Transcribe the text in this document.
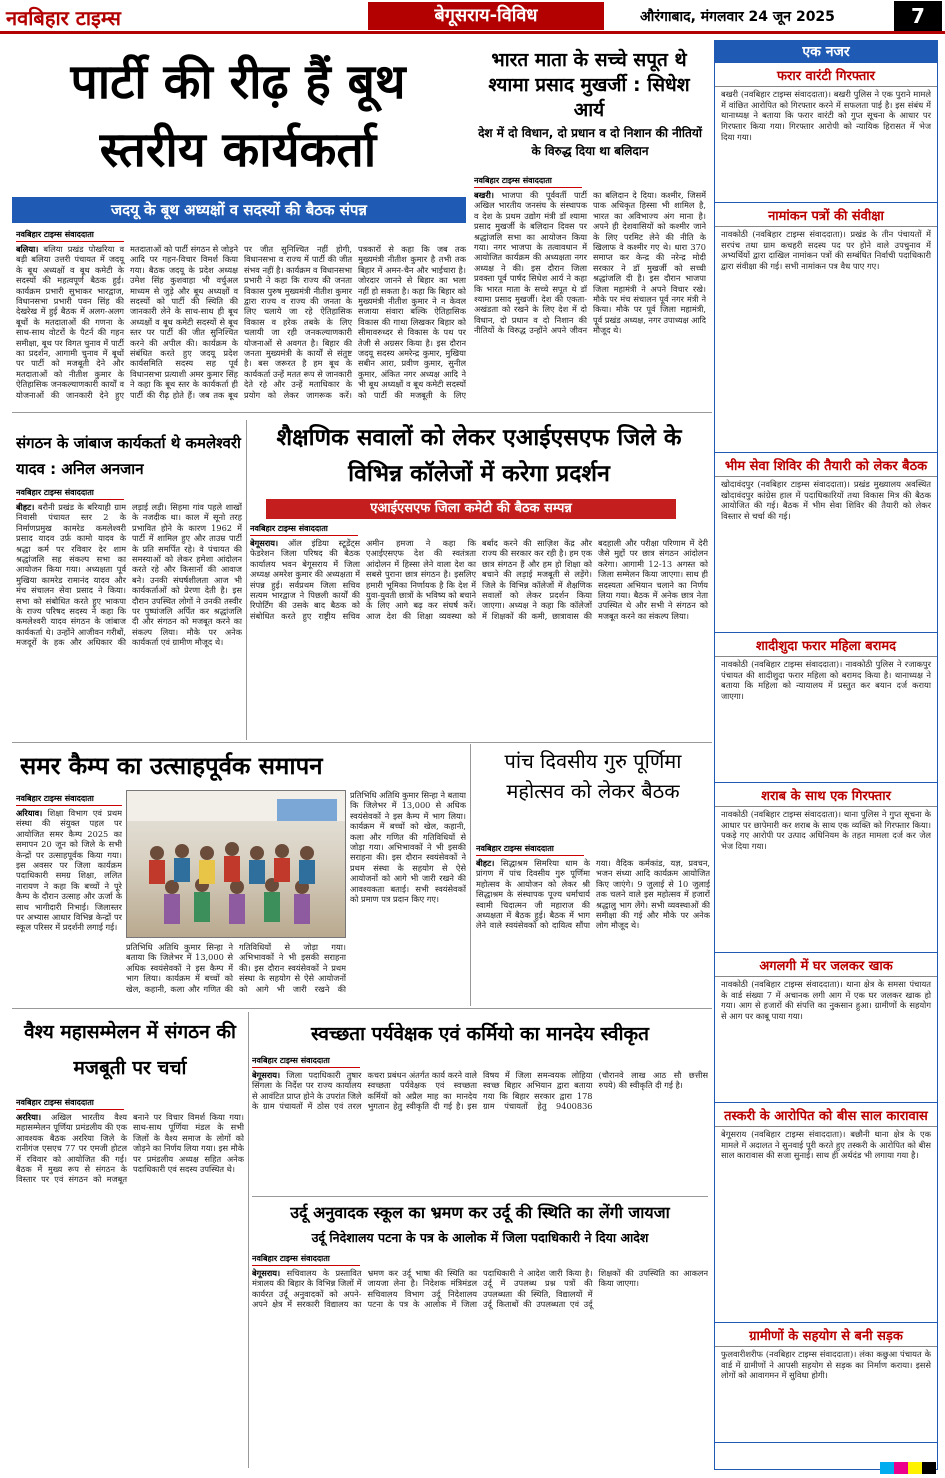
नवबिहार टाइम्स	बेगूसराय-विविध	औरंगाबाद, मंगलवार 24 जून 2025	7
पार्टी की रीढ़ हैं बूथ स्तरीय कार्यकर्ता
भारत माता के सच्चे सपूत थे श्यामा प्रसाद मुखर्जी : सिधेश आर्य
देश में दो विधान, दो प्रधान व दो निशान की नीतियों के विरुद्ध दिया था बलिदान
जदयू के बूथ अध्यक्षों व सदस्यों की बैठक संपन्न
नवबिहार टाइम्स संवाददाता
बलिया। बलिया प्रखंड पोखरिया व बड़ी बलिया उत्तरी पंचायत में जदयू के बूथ अध्यक्षों व बूथ कमेटी के सदस्यों की महत्वपूर्ण बैठक हुई। कार्यक्रम प्रभारी सुभाकर भारद्वाज, विधानसभा प्रभारी पवन सिंह की देखरेख में हुई बैठक में अलग-अलग बूथों के मतदाताओं की गणना के साथ-साथ वोटरों के पैटर्न की गहन समीक्षा, बूथ पर विगत चुनाव में पार्टी का प्रदर्शन, आगामी चुनाव में बूथों पर पार्टी को मजबूती देने और मतदाताओं को नीतीश कुमार के ऐतिहासिक जनकल्याणकारी कार्यों व योजनाओं की जानकारी देने हुए मतदाताओं को पार्टी संगठन से जोड़ने आदि पर गहन-विचार विमर्श किया गया। बैठक जदयू के प्रदेश अध्यक्ष उमेश सिंह कुशवाहा भी वर्चुअल माध्यम से जुड़े और बूथ अध्यक्षों व सदस्यों को पार्टी की स्थिति की जानकारी लेने के साथ-साथ ही बूथ अध्यक्षों व बूथ कमेटी सदस्यों से बूथ स्तर पर पार्टी की जीत सुनिश्चित करने की अपील की। कार्यक्रम के संबंधित करते हुए जदयू प्रदेश कार्यसमिति सदस्य सह पूर्व विधानसभा प्रत्याशी अमर कुमार सिंह ने कहा कि बूथ स्तर के कार्यकर्ता ही पार्टी की रीढ़ होते हैं। जब तक बूथ पर जीत सुनिश्चित नहीं होगी, विधानसभा व राज्य में पार्टी की जीत संभव नहीं है। कार्यक्रम व विधानसभा प्रभारी ने कहा कि राज्य की जनता विकास पुरुष मुख्यमंत्री नीतीश कुमार द्वारा राज्य व राज्य की जनता के लिए चलाये जा रहे ऐतिहासिक विकास व हरेक तबके के लिए चलायी जा रही जनकल्याणकारी योजनाओं से अवगत है। बिहार की जनता मुख्यमंत्री के कार्यों से संतुष्ट है। बस जरूरत है हम बूथ के कार्यकर्ता उन्हें मतत रूप से जानकारी देते रहे और उन्हें मताधिकार के प्रयोग को लेकर जागरूक करें। पत्रकारों से कहा कि जब तक मुख्यमंत्री नीतीश कुमार है तभी तक बिहार में अमन-चैन और भाईचारा है। जोरदार जानने से बिहार का भला नहीं हो सकता है। कहा कि बिहार को मुख्यमंत्री नीतीश कुमार ने न केवल सजाया संवारा बल्कि ऐतिहासिक विकास की गाथा लिखकर बिहार को सीमावरुध्दर से विकास के पथ पर तेजी से अग्रसर किया है। इस दौरान जदयू सदस्य अमरेन्द्र कुमार, मुखिया सबीन आरा, प्रवीण कुमार, सुनील कुमार, अंकित नगर अध्यक्ष आदि ने भी बूथ अध्यक्षों व बूथ कमेटी सदस्यों को पार्टी की मजबूती के लिए
नवबिहार टाइम्स संवाददाता
बखरी। भाजपा की पूर्ववर्ती पार्टी अखिल भारतीय जनसंघ के संस्थापक व देश के प्रथम उद्योग मंत्री डॉ श्यामा प्रसाद मुखर्जी के बलिदान दिवस पर श्रद्धांजलि सभा का आयोजन किया गया। नगर भाजपा के तत्वावधान में आयोजित कार्यक्रम की अध्यक्षता नगर अध्यक्ष ने की। इस दौरान जिला प्रवक्ता पूर्व पार्षद सिधेश आर्य ने कहा कि भारत माता के सच्चे सपूत थे डॉ श्यामा प्रसाद मुखर्जी। देश की एकता-अखंडता को रखने के लिए देश में दो विधान, दो प्रधान व दो निशान की नीतियों के विरुद्ध उन्होंने अपने जीवन का बलिदान दे दिया। कश्मीर, जिसमें पाक अधिकृत हिस्सा भी शामिल है, भारत का अविभाज्य अंग माना है। अपने ही देशवासियों को कश्मीर जाने के लिए परमिट लेने की नीति के खिलाफ वे कश्मीर गए थे। धारा 370 समाप्त कर केन्द्र की नरेन्द्र मोदी सरकार ने डॉ मुखर्जी को सच्ची श्रद्धांजलि दी है। इस दौरान भाजपा जिला महामंत्री ने अपने विचार रखे। मौके पर मंच संचालन पूर्व नगर मंत्री ने किया। मौके पर पूर्व जिला महामंत्री, पूर्व प्रखंड अध्यक्ष, नगर उपाध्यक्ष आदि मौजूद थे।
संगठन के जांबाज कार्यकर्ता थे कमलेश्वरी यादव : अनिल अनजान
नवबिहार टाइम्स संवाददाता
बीहट। बरौनी प्रखंड के बरियाही ग्राम निवासी पंचायत स्तर 2 के निर्माणप्रमुख कामरेड कमलेश्वरी प्रसाद यादव उर्फ़ कामो यादव के श्रद्धा कर्म पर रविवार देर शाम श्रद्धांजलि सह संकल्प सभा का आयोजन किया गया। अध्यक्षता पूर्व मुखिया कामरेड रामानंद यादव और मंच संचालन सेवा प्रसाद ने किया। सभा को संबोधित करते हुए भाकपा के राज्य परिषद सदस्य ने कहा कि कमलेश्वरी यादव संगठन के जांबाज कार्यकर्ता थे। उन्होंने आजीवन गरीबों, मजदूरों के हक और अधिकार की लड़ाई लड़ी। सिहमा गांव पहले शाखों के नजदीक था। काल में सूनो तरह प्रभावित होने के कारण 1962 में पार्टी में शामिल हुए और ताउम्र पार्टी के प्रति समर्पित रहे। वे पंचायत की समस्याओं को लेकर हमेशा आंदोलन करते रहे और किसानों की आवाज बने। उनकी संघर्षशीलता आज भी कार्यकर्ताओं को प्रेरणा देती है। इस दौरान उपस्थित लोगों ने उनकी तस्वीर पर पुष्पांजलि अर्पित कर श्रद्धांजलि दी और संगठन को मजबूत करने का संकल्प लिया। मौके पर अनेक कार्यकर्ता एवं ग्रामीण मौजूद थे।
शैक्षणिक सवालों को लेकर एआईएसएफ जिले के विभिन्न कॉलेजों में करेगा प्रदर्शन
एआईएसएफ जिला कमेटी की बैठक सम्पन्न
नवबिहार टाइम्स संवाददाता
बेगूसराय। ऑल इंडिया स्टूडेंट्स फेडरेशन जिला परिषद की बैठक कार्यालय भवन बेगूसराय में जिला अध्यक्ष अमरेश कुमार की अध्यक्षता में संपन्न हुई। सर्वप्रथम जिला सचिव सत्यम भारद्वाज ने पिछली कार्यों की रिपोर्टिंग की उसके बाद बैठक को संबोधित करते हुए राष्ट्रीय सचिव अमीन हमजा ने कहा कि एआईएसएफ देश की स्वतंत्रता आंदोलन में हिस्सा लेने वाला देश का सबसे पुराना छात्र संगठन है। इसलिए हमारी भूमिका निर्णायक है कि देश में युवा-युवती छात्रों के भविष्य को बचाने के लिए आगे बढ़ कर संघर्ष करें। आज देश की शिक्षा व्यवस्था को बर्बाद करने की साज़िश केंद्र और राज्य की सरकार कर रही है। हम एक छात्र संगठन हैं और हम हो शिक्षा को बचाने की लड़ाई मजबूती से लड़ेंगे। जिले के विभिन्न कॉलेजों में शैक्षणिक सवालों को लेकर प्रदर्शन किया जाएगा। अध्यक्ष ने कहा कि कॉलेजों में शिक्षकों की कमी, छात्रावास की बदहाली और परीक्षा परिणाम में देरी जैसे मुद्दों पर छात्र संगठन आंदोलन करेगा। आगामी 12-13 अगस्त को जिला सम्मेलन किया जाएगा। साथ ही सदस्यता अभियान चलाने का निर्णय लिया गया। बैठक में अनेक छात्र नेता उपस्थित थे और सभी ने संगठन को मजबूत करने का संकल्प लिया।
समर कैम्प का उत्साहपूर्वक समापन
नवबिहार टाइम्स संवाददाता
अरियाव। शिक्षा विभाग एवं प्रथम संस्था की संयुक्त पहल पर आयोजित समर कैम्प 2025 का समापन 20 जून को जिले के सभी केन्द्रों पर उत्साहपूर्वक किया गया। इस अवसर पर जिला कार्यक्रम पदाधिकारी समग्र शिक्षा, ललित नारायण ने कहा कि बच्चों ने पूरे कैम्प के दौरान उत्साह और ऊर्जा के साथ भागीदारी निभाई। जिलास्तर पर अभ्यास आधार विभिन्न केन्द्रों पर स्कूल परिसर में प्रदर्शनी लगाई गई।
प्रतिभिधि अतिथि कुमार सिन्हा ने बताया कि जिलेभर में 13,000 से अधिक स्वयंसेवकों ने इस कैम्प में भाग लिया। कार्यक्रम में बच्चों को खेल, कहानी, कला और गणित की गतिविधियों से जोड़ा गया। अभिभावकों ने भी इसकी सराहना की। इस दौरान स्वयंसेवकों ने प्रथम संस्था के सहयोग से ऐसे आयोजनों को आगे भी जारी रखने की आवश्यकता बताई। सभी स्वयंसेवकों को प्रमाण पत्र प्रदान किए गए।
प्रतिभिधि अतिथि कुमार सिन्हा ने बताया कि जिलेभर में 13,000 से अधिक स्वयंसेवकों ने इस कैम्प में भाग लिया। कार्यक्रम में बच्चों को खेल, कहानी, कला और गणित की गतिविधियों से जोड़ा गया। अभिभावकों ने भी इसकी सराहना की। इस दौरान स्वयंसेवकों ने प्रथम संस्था के सहयोग से ऐसे आयोजनों को आगे भी जारी रखने की
पांच दिवसीय गुरु पूर्णिमा महोत्सव को लेकर बैठक
नवबिहार टाइम्स संवाददाता
बीहट। सिद्धाश्रम सिमरिया धाम के प्रांगण में पांच दिवसीय गुरु पूर्णिमा महोत्सव के आयोजन को लेकर श्री सिद्धाश्रम के संस्थापक पूज्य धर्माचार्य स्वामी चिदात्मन जी महाराज की अध्यक्षता में बैठक हुई। बैठक में भाग लेने वाले स्वयंसेवकों को दायित्व सौंपा गया। वैदिक कर्मकांड, यज्ञ, प्रवचन, भजन संध्या आदि कार्यक्रम आयोजित किए जाएंगे। 9 जुलाई से 10 जुलाई तक चलने वाले इस महोत्सव में हजारों श्रद्धालु भाग लेंगे। सभी व्यवस्थाओं की समीक्षा की गई और मौके पर अनेक लोग मौजूद थे।
वैश्य महासम्मेलन में संगठन की मजबूती पर चर्चा
नवबिहार टाइम्स संवाददाता
अररिया। अखिल भारतीय वैश्य महासम्मेलन पूर्णिया प्रमंडलीय की एक आवश्यक बैठक अररिया जिले के रानीगंज एसएच 77 पर एमजी होटल में रविवार को आयोजित की गई। बैठक में मुख्य रूप से संगठन के विस्तार पर एवं संगठन को मजबूत बनाने पर विचार विमर्श किया गया। साथ-साथ पूर्णिया मंडल के सभी जिलों के वैश्य समाज के लोगों को जोड़ने का निर्णय लिया गया। इस मौके पर प्रमंडलीय अध्यक्ष सहित अनेक पदाधिकारी एवं सदस्य उपस्थित थे।
स्वच्छता पर्यवेक्षक एवं कर्मियो का मानदेय स्वीकृत
नवबिहार टाइम्स संवाददाता
बेगूसराय। जिला पदाधिकारी तुषार सिंगला के निर्देश पर राज्य कार्यालय से आवंटित प्राप्त होने के उपरांत जिले के ग्राम पंचायतों में ठोस एवं तरल कचरा प्रबंधन अंतर्गत कार्य करने वाले स्वच्छता पर्यवेक्षक एवं स्वच्छता कर्मियों को अप्रैल माह का मानदेय भुगतान हेतु स्वीकृति दी गई है। इस विषय में जिला समन्वयक लोहिया स्वच्छ बिहार अभियान द्वारा बताया गया कि बिहार सरकार द्वारा 178 ग्राम पंचायतों हेतु 9400836 (चौरानवे लाख आठ सौ छत्तीस रुपये) की स्वीकृति दी गई है।
उर्दू अनुवादक स्कूल का भ्रमण कर उर्दू की स्थिति का लेंगी जायजा
उर्दू निदेशालय पटना के पत्र के आलोक में जिला पदाधिकारी ने दिया आदेश
नवबिहार टाइम्स संवाददाता
बेगूसराय। सचिवालय के प्रस्तावित मंत्रालय की बिहार के विभिन्न जिलों में कार्यरत उर्दू अनुवादकों को अपने-अपने क्षेत्र में सरकारी विद्यालय का भ्रमण कर उर्दू भाषा की स्थिति का जायजा लेना है। निदेशक मंत्रिमंडल सचिवालय विभाग उर्दू निदेशालय पटना के पत्र के आलोक में जिला पदाधिकारी ने आदेश जारी किया है। उर्दू में उपलब्ध प्रश्न पत्रों की उपलब्धता की स्थिति, विद्यालयों में उर्दू किताबों की उपलब्धता एवं उर्दू शिक्षकों की उपस्थिति का आकलन किया जाएगा।
एक नजर
फरार वारंटी गिरफ्तार
बखरी (नवबिहार टाइम्स संवाददाता)। बखरी पुलिस ने एक पुराने मामले में वांछित आरोपित को गिरफ्तार करने में सफलता पाई है। इस संबंध में थानाध्यक्ष ने बताया कि फरार वारंटी को गुप्त सूचना के आधार पर गिरफ्तार किया गया। गिरफ्तार आरोपी को न्यायिक हिरासत में भेज दिया गया।
नामांकन पत्रों की संवीक्षा
नावकोठी (नवबिहार टाइम्स संवाददाता)। प्रखंड के तीन पंचायतों में सरपंच तथा ग्राम कचहरी सदस्य पद पर होने वाले उपचुनाव में अभ्यर्थियों द्वारा दाखिल नामांकन पत्रों की सम्बंधित निर्वाची पदाधिकारी द्वारा संवीक्षा की गई। सभी नामांकन पत्र वैध पाए गए।
भीम सेवा शिविर की तैयारी को लेकर बैठक
खोदावंदपुर (नवबिहार टाइम्स संवाददाता)। प्रखंड मुख्यालय अवस्थित खोदावंदपुर कांग्रेस हाल में पदाधिकारियों तथा विकास मित्र की बैठक आयोजित की गई। बैठक में भीम सेवा शिविर की तैयारी को लेकर विस्तार से चर्चा की गई।
शादीशुदा फरार महिला बरामद
नावकोठी (नवबिहार टाइम्स संवाददाता)। नावकोठी पुलिस ने रजाकपुर पंचायत की शादीशुदा फरार महिला को बरामद किया है। थानाध्यक्ष ने बताया कि महिला को न्यायालय में प्रस्तुत कर बयान दर्ज कराया जाएगा।
शराब के साथ एक गिरफ्तार
नावकोठी (नवबिहार टाइम्स संवाददाता)। थाना पुलिस ने गुप्त सूचना के आधार पर छापेमारी कर शराब के साथ एक व्यक्ति को गिरफ्तार किया। पकड़े गए आरोपी पर उत्पाद अधिनियम के तहत मामला दर्ज कर जेल भेज दिया गया।
अगलगी में घर जलकर खाक
नावकोठी (नवबिहार टाइम्स संवाददाता)। थाना क्षेत्र के समसा पंचायत के वार्ड संख्या 7 में अचानक लगी आग में एक घर जलकर खाक हो गया। आग से हजारों की संपत्ति का नुकसान हुआ। ग्रामीणों के सहयोग से आग पर काबू पाया गया।
तस्करी के आरोपित को बीस साल कारावास
बेगूसराय (नवबिहार टाइम्स संवाददाता)। बछौनी थाना क्षेत्र के एक मामले में अदालत ने सुनवाई पूरी करते हुए तस्करी के आरोपित को बीस साल कारावास की सजा सुनाई। साथ ही अर्थदंड भी लगाया गया है।
ग्रामीणों के सहयोग से बनी सड़क
फुलवारीशरीफ (नवबिहार टाइम्स संवाददाता)। लंका कछुआ पंचायत के वार्ड में ग्रामीणों ने आपसी सहयोग से सड़क का निर्माण कराया। इससे लोगों को आवागमन में सुविधा होगी।
